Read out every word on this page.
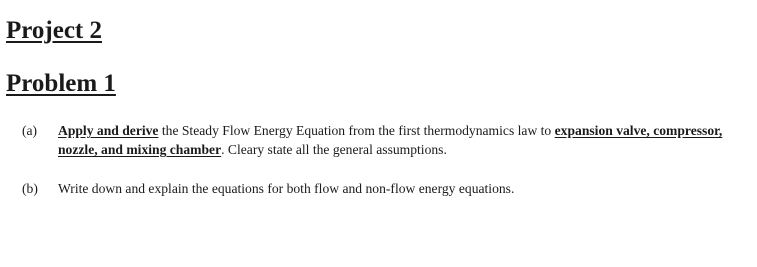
Project 2
Problem 1
(a) Apply and derive the Steady Flow Energy Equation from the first thermodynamics law to expansion valve, compressor, nozzle, and mixing chamber. Cleary state all the general assumptions.
(b) Write down and explain the equations for both flow and non-flow energy equations.
